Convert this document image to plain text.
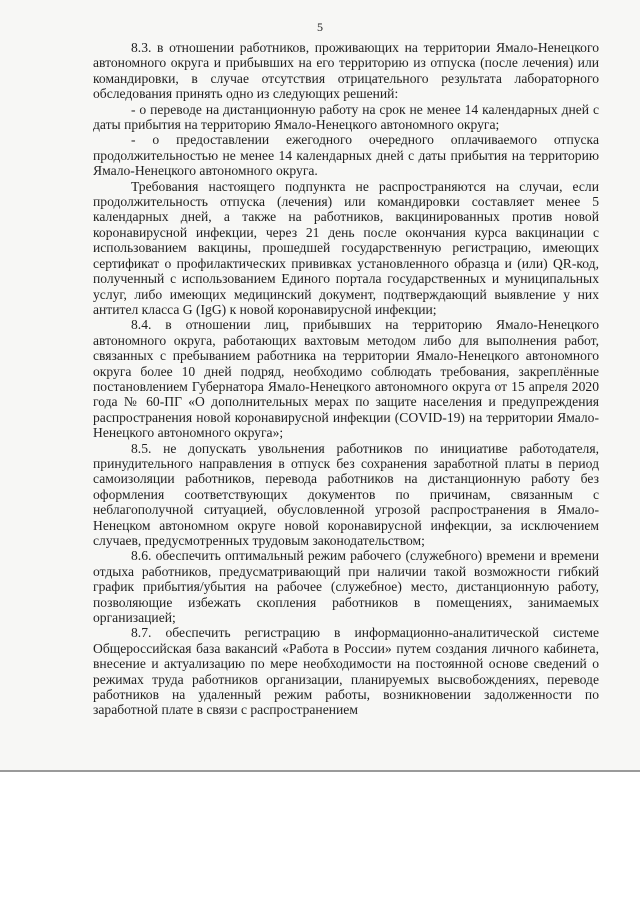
5

8.3. в отношении работников, проживающих на территории Ямало-Ненецкого автономного округа и прибывших на его территорию из отпуска (после лечения) или командировки, в случае отсутствия отрицательного результата лабораторного обследования принять одно из следующих решений:

- о переводе на дистанционную работу на срок не менее 14 календарных дней с даты прибытия на территорию Ямало-Ненецкого автономного округа;

- о предоставлении ежегодного очередного оплачиваемого отпуска продолжительностью не менее 14 календарных дней с даты прибытия на территорию Ямало-Ненецкого автономного округа.

Требования настоящего подпункта не распространяются на случаи, если продолжительность отпуска (лечения) или командировки составляет менее 5 календарных дней, а также на работников, вакцинированных против новой коронавирусной инфекции, через 21 день после окончания курса вакцинации с использованием вакцины, прошедшей государственную регистрацию, имеющих сертификат о профилактических прививках установленного образца и (или) QR-код, полученный с использованием Единого портала государственных и муниципальных услуг, либо имеющих медицинский документ, подтверждающий выявление у них антител класса G (IgG) к новой коронавирусной инфекции;

8.4. в отношении лиц, прибывших на территорию Ямало-Ненецкого автономного округа, работающих вахтовым методом либо для выполнения работ, связанных с пребыванием работника на территории Ямало-Ненецкого автономного округа более 10 дней подряд, необходимо соблюдать требования, закреплённые постановлением Губернатора Ямало-Ненецкого автономного округа от 15 апреля 2020 года № 60-ПГ «О дополнительных мерах по защите населения и предупреждения распространения новой коронавирусной инфекции (COVID-19) на территории Ямало-Ненецкого автономного округа»;

8.5. не допускать увольнения работников по инициативе работодателя, принудительного направления в отпуск без сохранения заработной платы в период самоизоляции работников, перевода работников на дистанционную работу без оформления соответствующих документов по причинам, связанным с неблагополучной ситуацией, обусловленной угрозой распространения в Ямало-Ненецком автономном округе новой коронавирусной инфекции, за исключением случаев, предусмотренных трудовым законодательством;

8.6. обеспечить оптимальный режим рабочего (служебного) времени и времени отдыха работников, предусматривающий при наличии такой возможности гибкий график прибытия/убытия на рабочее (служебное) место, дистанционную работу, позволяющие избежать скопления работников в помещениях, занимаемых организацией;

8.7. обеспечить регистрацию в информационно-аналитической системе Общероссийская база вакансий «Работа в России» путем создания личного кабинета, внесение и актуализацию по мере необходимости на постоянной основе сведений о режимах труда работников организации, планируемых высвобождениях, переводе работников на удаленный режим работы, возникновении задолженности по заработной плате в связи с распространением
